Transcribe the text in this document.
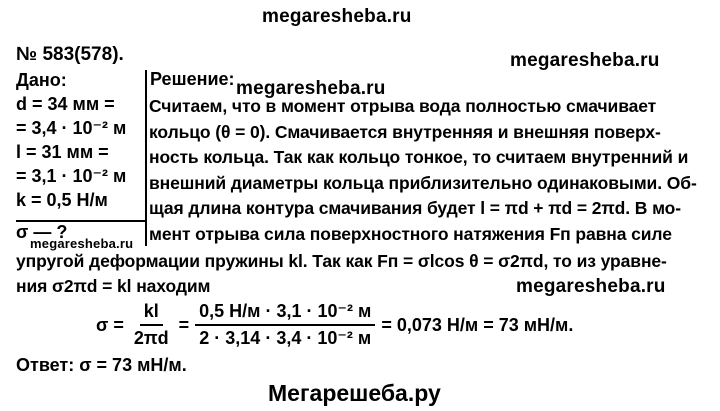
megaresheba.ru
№ 583(578).	megaresheba.ru
Дано:
d = 34 мм =
= 3,4 · 10⁻² м
l = 31 мм =
= 3,1 · 10⁻² м
k = 0,5 Н/м
σ — ?
megaresheba.ru
Решение: megaresheba.ru
Считаем, что в момент отрыва вода полностью смачивает
кольцо (θ = 0). Смачивается внутренняя и внешняя поверх-
ность кольца. Так как кольцо тонкое, то считаем внутренний и
внешний диаметры кольца приблизительно одинаковыми. Об-
щая длина контура смачивания будет l = πd + πd = 2πd. В мо-
мент отрыва сила поверхностного натяжения Fп равна силе
упругой деформации пружины kl. Так как Fп = σlcos θ = σ2πd, то из уравне-
ния σ2πd = kl находим	megaresheba.ru
$\sigma = \frac{kl}{2\pi d} = \frac{\text{0,5 Н/м · 3,1 · 10⁻² м}}{\text{2 · 3,14 · 3,4 · 10⁻² м}} = 0,073$ Н/м = 73 мН/м.
Ответ: σ = 73 мН/м.
Мегарешеба.ру
